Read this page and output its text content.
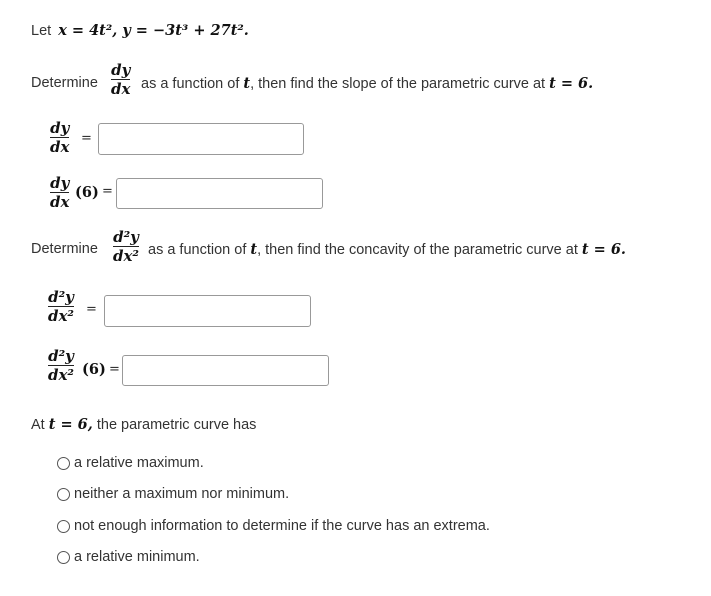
Let x = 4t², y = −3t³ + 27t².
Determine
dy
dx as a function of t, then find the slope of the parametric curve at t = 6.
dy
dx =
dy
dx
(6) =
Determine
d²y
dx² as a function of t, then find the concavity of the parametric curve at t = 6.
d²y
dx² =
d²y
dx² (6) =
At t = 6, the parametric curve has
a relative maximum.
neither a maximum nor minimum.
not enough information to determine if the curve has an extrema.
a relative minimum.
